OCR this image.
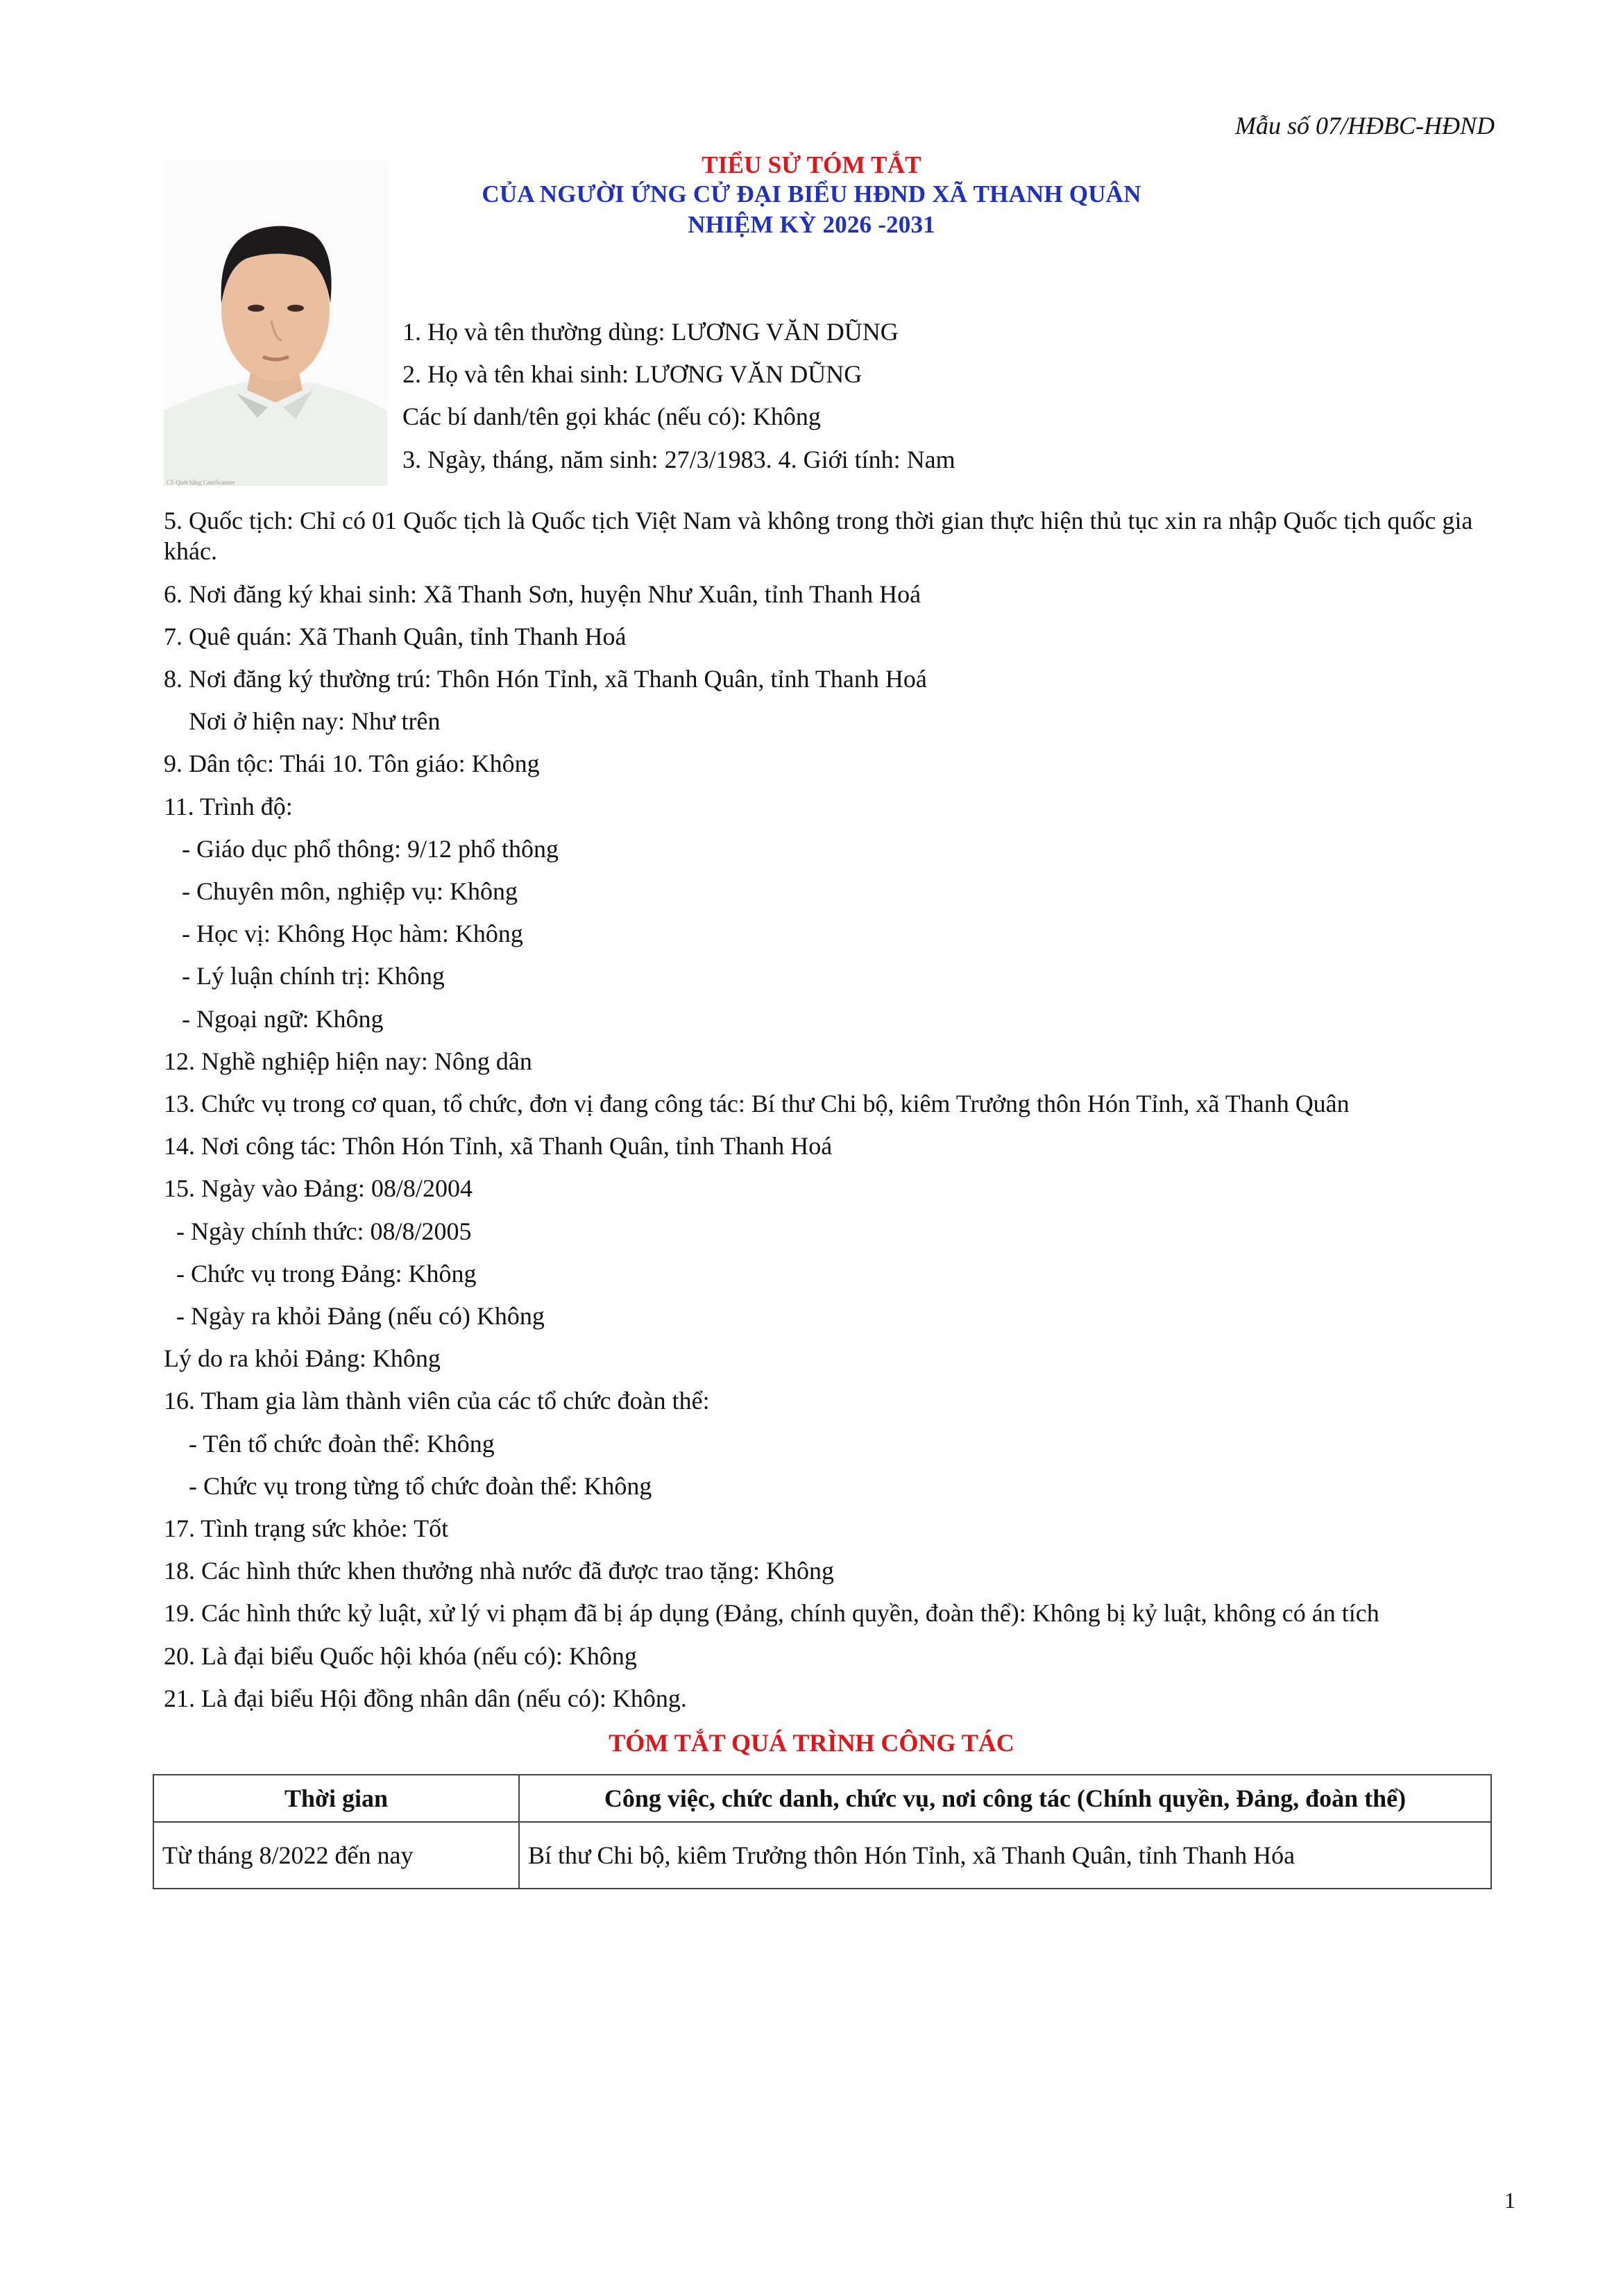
Mẫu số 07/HĐBC-HĐND
TIỂU SỬ TÓM TẮT
CỦA NGƯỜI ỨNG CỬ ĐẠI BIỂU HĐND XÃ THANH QUÂN
NHIỆM KỲ 2026 -2031
CS Quét bằng CamScanner
1. Họ và tên thường dùng: LƯƠNG VĂN DŨNG
2. Họ và tên khai sinh: LƯƠNG VĂN DŨNG
Các bí danh/tên gọi khác (nếu có): Không
3. Ngày, tháng, năm sinh: 27/3/1983. 4. Giới tính: Nam
5. Quốc tịch: Chỉ có 01 Quốc tịch là Quốc tịch Việt Nam và không trong thời gian thực hiện thủ tục xin ra nhập Quốc tịch quốc gia khác.
6. Nơi đăng ký khai sinh: Xã Thanh Sơn, huyện Như Xuân, tỉnh Thanh Hoá
7. Quê quán: Xã Thanh Quân, tỉnh Thanh Hoá
8. Nơi đăng ký thường trú: Thôn Hón Tỉnh, xã Thanh Quân, tỉnh Thanh Hoá
Nơi ở hiện nay: Như trên
9. Dân tộc: Thái 10. Tôn giáo: Không
11. Trình độ:
- Giáo dục phổ thông: 9/12 phổ thông
- Chuyên môn, nghiệp vụ: Không
- Học vị: Không Học hàm: Không
- Lý luận chính trị: Không
- Ngoại ngữ: Không
12. Nghề nghiệp hiện nay: Nông dân
13. Chức vụ trong cơ quan, tổ chức, đơn vị đang công tác: Bí thư Chi bộ, kiêm Trưởng thôn Hón Tỉnh, xã Thanh Quân
14. Nơi công tác: Thôn Hón Tỉnh, xã Thanh Quân, tỉnh Thanh Hoá
15. Ngày vào Đảng: 08/8/2004
- Ngày chính thức: 08/8/2005
- Chức vụ trong Đảng: Không
- Ngày ra khỏi Đảng (nếu có) Không
Lý do ra khỏi Đảng: Không
16. Tham gia làm thành viên của các tổ chức đoàn thể:
- Tên tổ chức đoàn thể: Không
- Chức vụ trong từng tổ chức đoàn thể: Không
17. Tình trạng sức khỏe: Tốt
18. Các hình thức khen thưởng nhà nước đã được trao tặng: Không
19. Các hình thức kỷ luật, xử lý vi phạm đã bị áp dụng (Đảng, chính quyền, đoàn thể): Không bị kỷ luật, không có án tích
20. Là đại biểu Quốc hội khóa (nếu có): Không
21. Là đại biểu Hội đồng nhân dân (nếu có): Không.
TÓM TẮT QUÁ TRÌNH CÔNG TÁC
Thời gian	Công việc, chức danh, chức vụ, nơi công tác (Chính quyền, Đảng, đoàn thể)
Từ tháng 8/2022 đến nay	Bí thư Chi bộ, kiêm Trưởng thôn Hón Tỉnh, xã Thanh Quân, tỉnh Thanh Hóa
1
